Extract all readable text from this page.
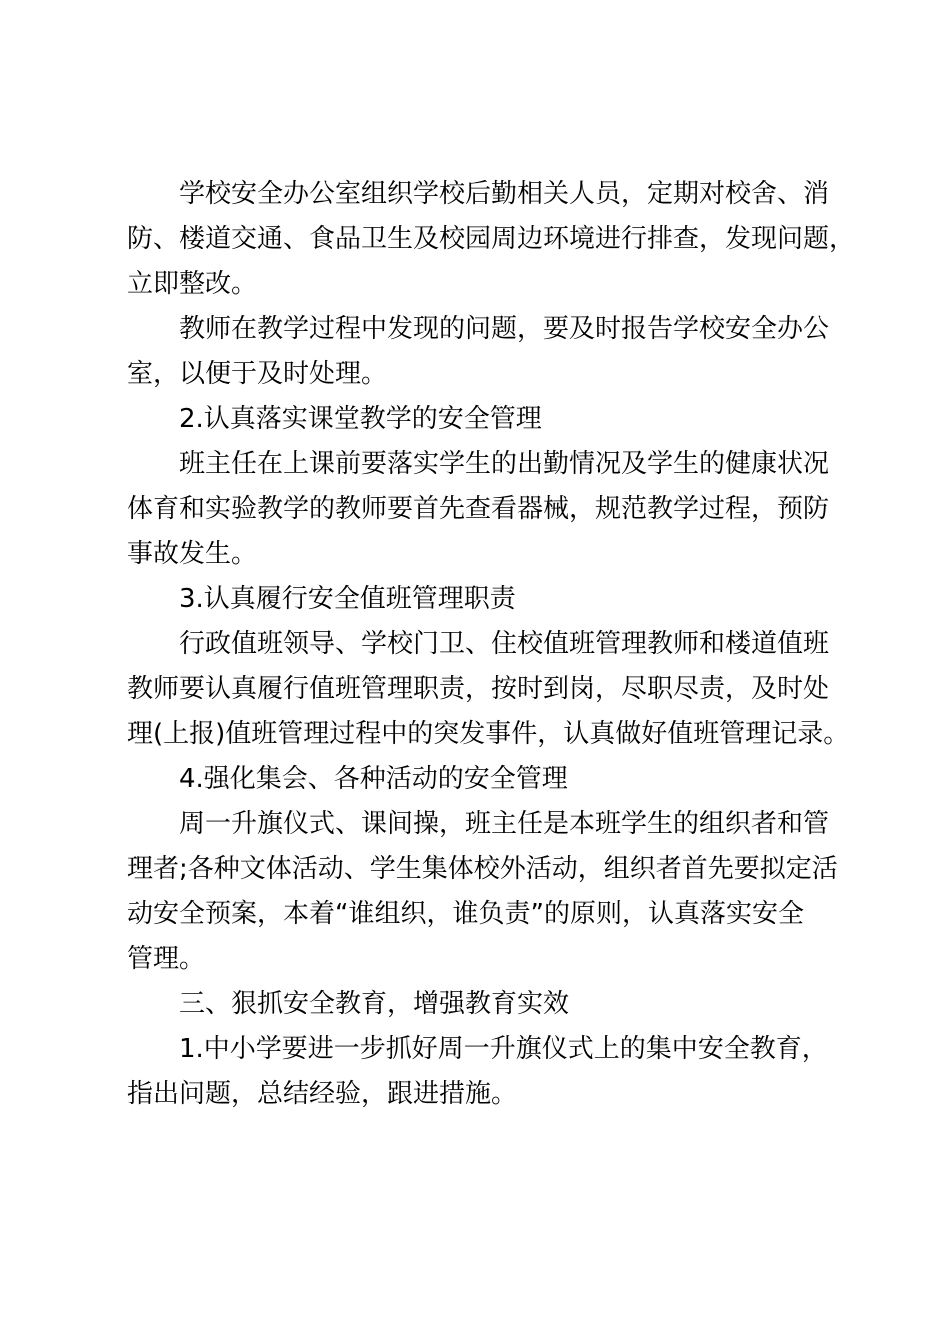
学校安全办公室组织学校后勤相关人员，定期对校舍、消
防、楼道交通、食品卫生及校园周边环境进行排查，发现问题，
立即整改。

教师在教学过程中发现的问题，要及时报告学校安全办公
室，以便于及时处理。

2.认真落实课堂教学的安全管理

班主任在上课前要落实学生的出勤情况及学生的健康状况
体育和实验教学的教师要首先查看器械，规范教学过程，预防
事故发生。

3.认真履行安全值班管理职责

行政值班领导、学校门卫、住校值班管理教师和楼道值班
教师要认真履行值班管理职责，按时到岗，尽职尽责，及时处
理(上报)值班管理过程中的突发事件，认真做好值班管理记录。

4.强化集会、各种活动的安全管理

周一升旗仪式、课间操，班主任是本班学生的组织者和管
理者;各种文体活动、学生集体校外活动，组织者首先要拟定活
动安全预案，本着“谁组织，谁负责”的原则，认真落实安全
管理。

三、狠抓安全教育，增强教育实效

1.中小学要进一步抓好周一升旗仪式上的集中安全教育，
指出问题，总结经验，跟进措施。
